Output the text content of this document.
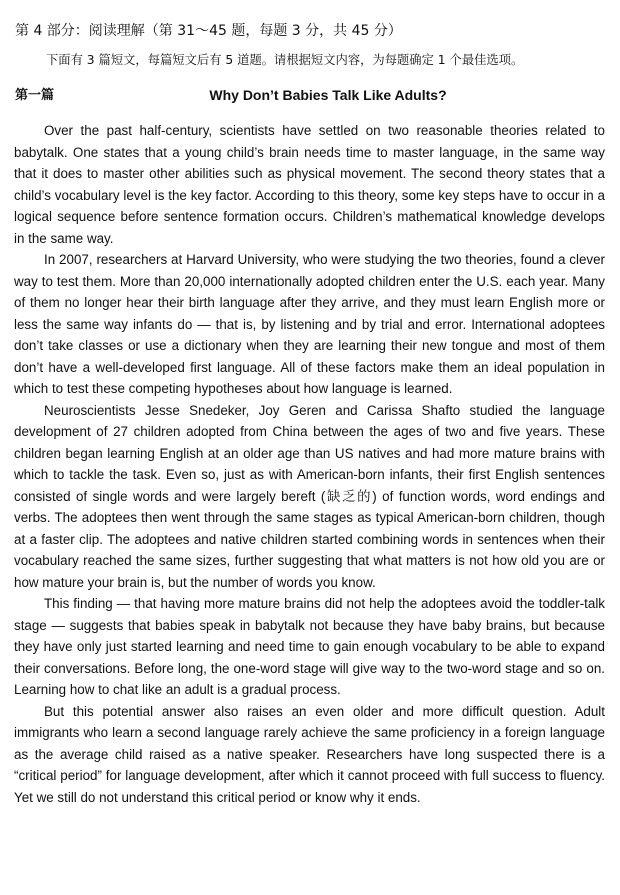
第 4 部分：阅读理解（第 31～45 题，每题 3 分，共 45 分）
下面有 3 篇短文，每篇短文后有 5 道题。请根据短文内容，为每题确定 1 个最佳选项。
第一篇	Why Don’t Babies Talk Like Adults?

Over the past half-century, scientists have settled on two reasonable theories related to babytalk. One states that a young child’s brain needs time to master language, in the same way that it does to master other abilities such as physical movement. The second theory states that a child’s vocabulary level is the key factor. According to this theory, some key steps have to occur in a logical sequence before sentence formation occurs. Children’s mathematical knowledge develops in the same way.

In 2007, researchers at Harvard University, who were studying the two theories, found a clever way to test them. More than 20,000 internationally adopted children enter the U.S. each year. Many of them no longer hear their birth language after they arrive, and they must learn English more or less the same way infants do — that is, by listening and by trial and error. International adoptees don’t take classes or use a dictionary when they are learning their new tongue and most of them don’t have a well-developed first language. All of these factors make them an ideal population in which to test these competing hypotheses about how language is learned.

Neuroscientists Jesse Snedeker, Joy Geren and Carissa Shafto studied the language development of 27 children adopted from China between the ages of two and five years. These children began learning English at an older age than US natives and had more mature brains with which to tackle the task. Even so, just as with American-born infants, their first English sentences consisted of single words and were largely bereft (缺乏的) of function words, word endings and verbs. The adoptees then went through the same stages as typical American-born children, though at a faster clip. The adoptees and native children started combining words in sentences when their vocabulary reached the same sizes, further suggesting that what matters is not how old you are or how mature your brain is, but the number of words you know.

This finding — that having more mature brains did not help the adoptees avoid the toddler-talk stage — suggests that babies speak in babytalk not because they have baby brains, but because they have only just started learning and need time to gain enough vocabulary to be able to expand their conversations. Before long, the one-word stage will give way to the two-word stage and so on. Learning how to chat like an adult is a gradual process.

But this potential answer also raises an even older and more difficult question. Adult immigrants who learn a second language rarely achieve the same proficiency in a foreign language as the average child raised as a native speaker. Researchers have long suspected there is a “critical period” for language development, after which it cannot proceed with full success to fluency. Yet we still do not understand this critical period or know why it ends.
